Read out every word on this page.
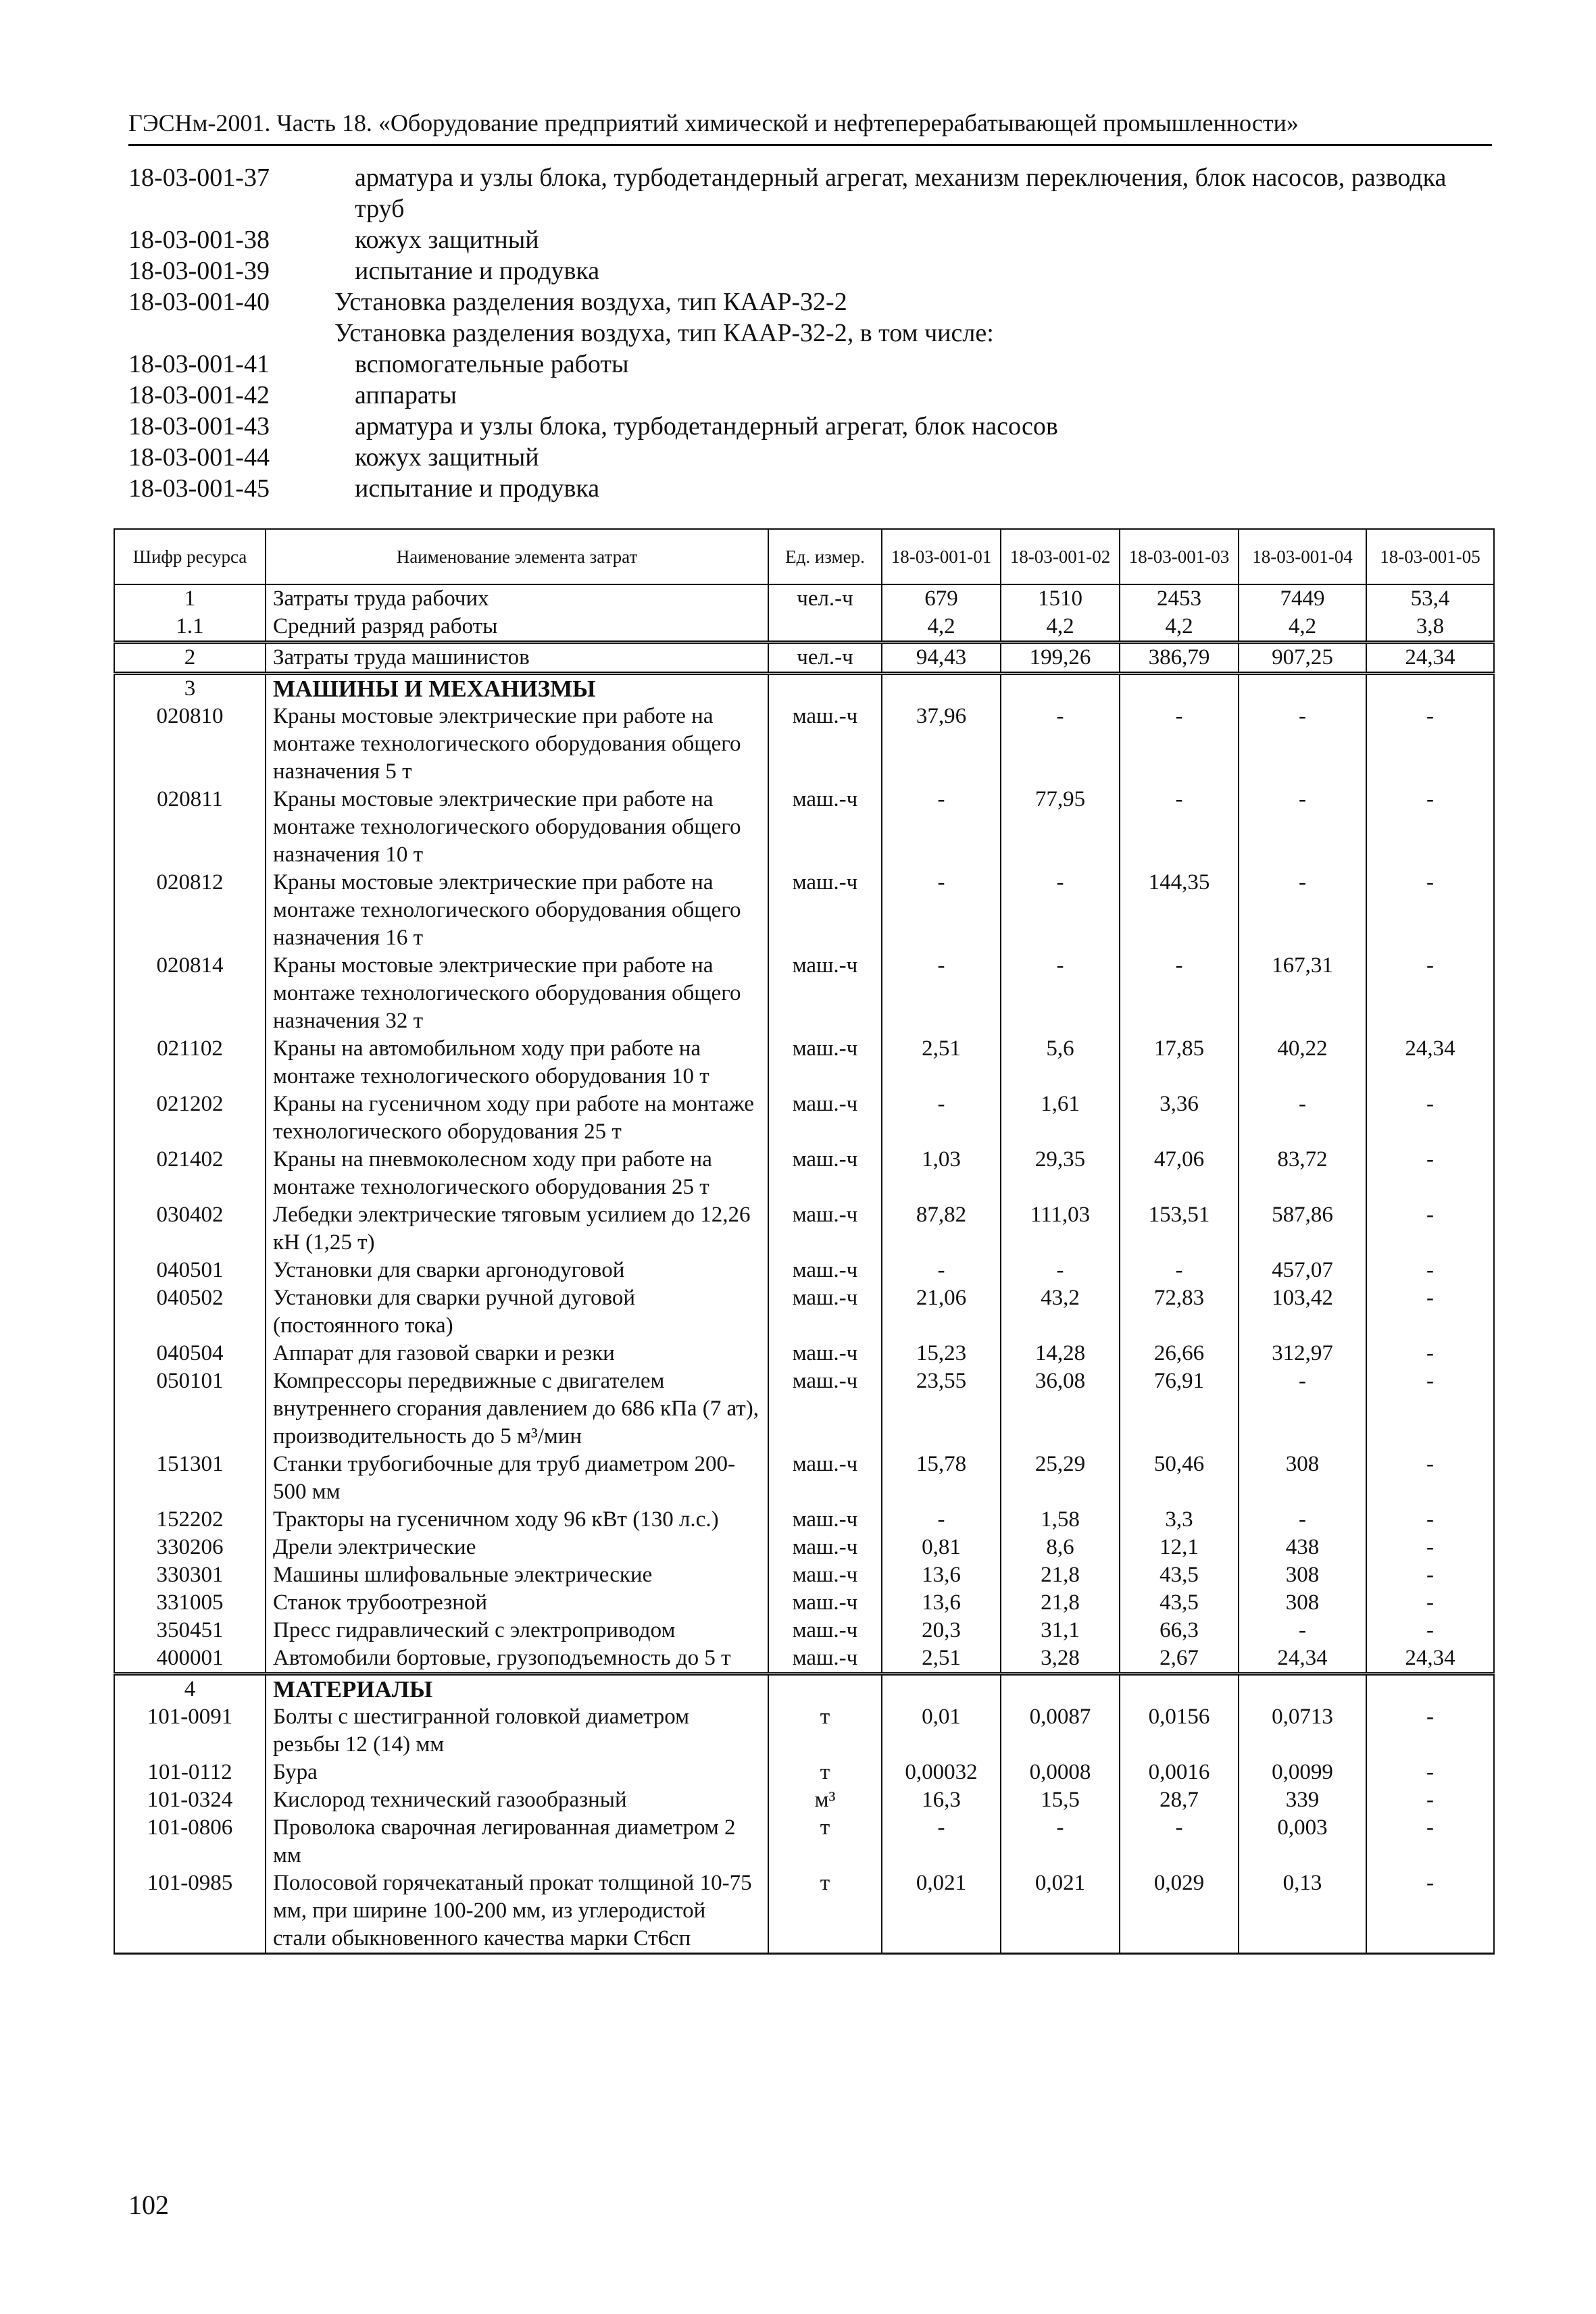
ГЭСНм-2001. Часть 18. «Оборудование предприятий химической и нефтеперерабатывающей промышленности»
18-03-001-37	арматура и узлы блока, турбодетандерный агрегат, механизм переключения, блок насосов, разводка труб
18-03-001-38	кожух защитный
18-03-001-39	испытание и продувка
18-03-001-40	Установка разделения воздуха, тип КААР-32-2
Установка разделения воздуха, тип КААР-32-2, в том числе:
18-03-001-41	вспомогательные работы
18-03-001-42	аппараты
18-03-001-43	арматура и узлы блока, турбодетандерный агрегат, блок насосов
18-03-001-44	кожух защитный
18-03-001-45	испытание и продувка
Шифр ресурса	Наименование элемента затрат	Ед. измер.	18-03-001-01	18-03-001-02	18-03-001-03	18-03-001-04	18-03-001-05
1	Затраты труда рабочих	чел.-ч	679	1510	2453	7449	53,4
1.1	Средний разряд работы		4,2	4,2	4,2	4,2	3,8
2	Затраты труда машинистов	чел.-ч	94,43	199,26	386,79	907,25	24,34
3	МАШИНЫ И МЕХАНИЗМЫ						
020810	Краны мостовые электрические при работе на монтаже технологического оборудования общего назначения 5 т	маш.-ч	37,96	-	-	-	-
020811	Краны мостовые электрические при работе на монтаже технологического оборудования общего назначения 10 т	маш.-ч	-	77,95	-	-	-
020812	Краны мостовые электрические при работе на монтаже технологического оборудования общего назначения 16 т	маш.-ч	-	-	144,35	-	-
020814	Краны мостовые электрические при работе на монтаже технологического оборудования общего назначения 32 т	маш.-ч	-	-	-	167,31	-
021102	Краны на автомобильном ходу при работе на монтаже технологического оборудования 10 т	маш.-ч	2,51	5,6	17,85	40,22	24,34
021202	Краны на гусеничном ходу при работе на монтаже технологического оборудования 25 т	маш.-ч	-	1,61	3,36	-	-
021402	Краны на пневмоколесном ходу при работе на монтаже технологического оборудования 25 т	маш.-ч	1,03	29,35	47,06	83,72	-
030402	Лебедки электрические тяговым усилием до 12,26 кН (1,25 т)	маш.-ч	87,82	111,03	153,51	587,86	-
040501	Установки для сварки аргонодуговой	маш.-ч	-	-	-	457,07	-
040502	Установки для сварки ручной дуговой (постоянного тока)	маш.-ч	21,06	43,2	72,83	103,42	-
040504	Аппарат для газовой сварки и резки	маш.-ч	15,23	14,28	26,66	312,97	-
050101	Компрессоры передвижные с двигателем внутреннего сгорания давлением до 686 кПа (7 ат), производительность до 5 м³/мин	маш.-ч	23,55	36,08	76,91	-	-
151301	Станки трубогибочные для труб диаметром 200-500 мм	маш.-ч	15,78	25,29	50,46	308	-
152202	Тракторы на гусеничном ходу 96 кВт (130 л.с.)	маш.-ч	-	1,58	3,3	-	-
330206	Дрели электрические	маш.-ч	0,81	8,6	12,1	438	-
330301	Машины шлифовальные электрические	маш.-ч	13,6	21,8	43,5	308	-
331005	Станок трубоотрезной	маш.-ч	13,6	21,8	43,5	308	-
350451	Пресс гидравлический с электроприводом	маш.-ч	20,3	31,1	66,3	-	-
400001	Автомобили бортовые, грузоподъемность до 5 т	маш.-ч	2,51	3,28	2,67	24,34	24,34
4	МАТЕРИАЛЫ						
101-0091	Болты с шестигранной головкой диаметром резьбы 12 (14) мм	т	0,01	0,0087	0,0156	0,0713	-
101-0112	Бура	т	0,00032	0,0008	0,0016	0,0099	-
101-0324	Кислород технический газообразный	м³	16,3	15,5	28,7	339	-
101-0806	Проволока сварочная легированная диаметром 2 мм	т	-	-	-	0,003	-
101-0985	Полосовой горячекатаный прокат толщиной 10-75 мм, при ширине 100-200 мм, из углеродистой стали обыкновенного качества марки Ст6сп	т	0,021	0,021	0,029	0,13	-
102
